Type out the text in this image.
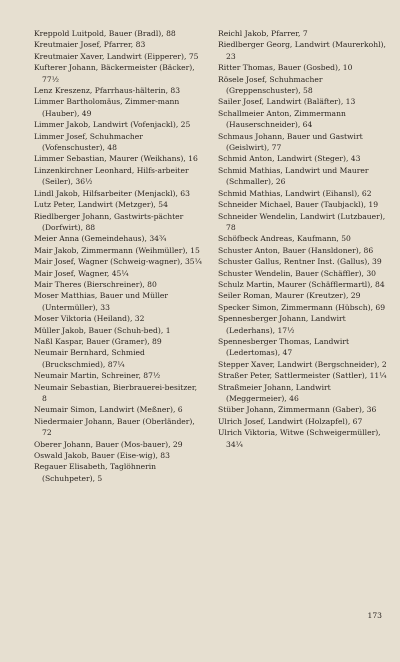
Kreppold Luitpold, Bauer (Bradl), 88

Kreutmaier Josef, Pfarrer, 83

Kreutmaier Xaver, Landwirt (Eipperer), 75

Kufterer Johann, Bäckermeister (Bäcker), 77½

Lenz Kreszenz, Pfarrhaus-hälterin, 83

Limmer Bartholomäus, Zimmer-mann (Hauber), 49

Limmer Jakob, Landwirt (Vofenjackl), 25

Limmer Josef, Schuhmacher (Vofenschuster), 48

Limmer Sebastian, Maurer (Weikhans), 16

Linzenkirchner Leonhard, Hilfs-arbeiter (Seiler), 36½

Lindl Jakob, Hilfsarbeiter (Menjackl), 63

Lutz Peter, Landwirt (Metzger), 54

Riedlberger Johann, Gastwirts-pächter (Dorfwirt), 88

Meier Anna (Gemeindehaus), 34¾

Mair Jakob, Zimmermann (Weihmüller), 15

Mair Josef, Wagner (Schweig-wagner), 35¼

Mair Josef, Wagner, 45¼

Mair Theres (Bierschreiner), 80

Moser Matthias, Bauer und Müller (Untermüller), 33

Moser Viktoria (Heiland), 32

Müller Jakob, Bauer (Schuh-bed), 1

Naßl Kaspar, Bauer (Gramer), 89

Neumair Bernhard, Schmied (Bruckschmied), 87¼

Neumair Martin, Schreiner, 87½

Neumair Sebastian, Bierbrauerei-besitzer, 8

Neumair Simon, Landwirt (Meßner), 6

Niedermaier Johann, Bauer (Oberländer), 72

Oberer Johann, Bauer (Mos-bauer), 29

Oswald Jakob, Bauer (Eise-wig), 83

Regauer Elisabeth, Taglöhnerin (Schuhpeter), 5

Reichl Jakob, Pfarrer, 7

Riedlberger Georg, Landwirt (Maurerkohl), 23

Ritter Thomas, Bauer (Gosbed), 10

Rösele Josef, Schuhmacher (Greppenschuster), 58

Sailer Josef, Landwirt (Baläfter), 13

Schallmeier Anton, Zimmermann (Hauserschneider), 64

Schmaus Johann, Bauer und Gastwirt (Geislwirt), 77

Schmid Anton, Landwirt (Steger), 43

Schmid Mathias, Landwirt und Maurer (Schmaller), 26

Schmid Mathias, Landwirt (Eihansl), 62

Schneider Michael, Bauer (Taubjackl), 19

Schneider Wendelin, Landwirt (Lutzbauer), 78

Schöfbeck Andreas, Kaufmann, 50

Schuster Anton, Bauer (Hansldoner), 86

Schuster Gallus, Rentner Inst. (Gallus), 39

Schuster Wendelin, Bauer (Schäffler), 30

Schulz Martin, Maurer (Schäfflermartl), 84

Seiler Roman, Maurer (Kreutzer), 29

Specker Simon, Zimmermann (Hübsch), 69

Spennesberger Johann, Landwirt (Lederhans), 17½

Spennesberger Thomas, Landwirt (Ledertomas), 47

Stepper Xaver, Landwirt (Bergschneider), 2

Straßer Peter, Sattlermeister (Sattler), 11¼

Straßmeier Johann, Landwirt (Meggermeier), 46

Stüber Johann, Zimmermann (Gaber), 36

Ulrich Josef, Landwirt (Holzapfel), 67

Ulrich Viktoria, Witwe (Schweigermüller), 34¼

173
